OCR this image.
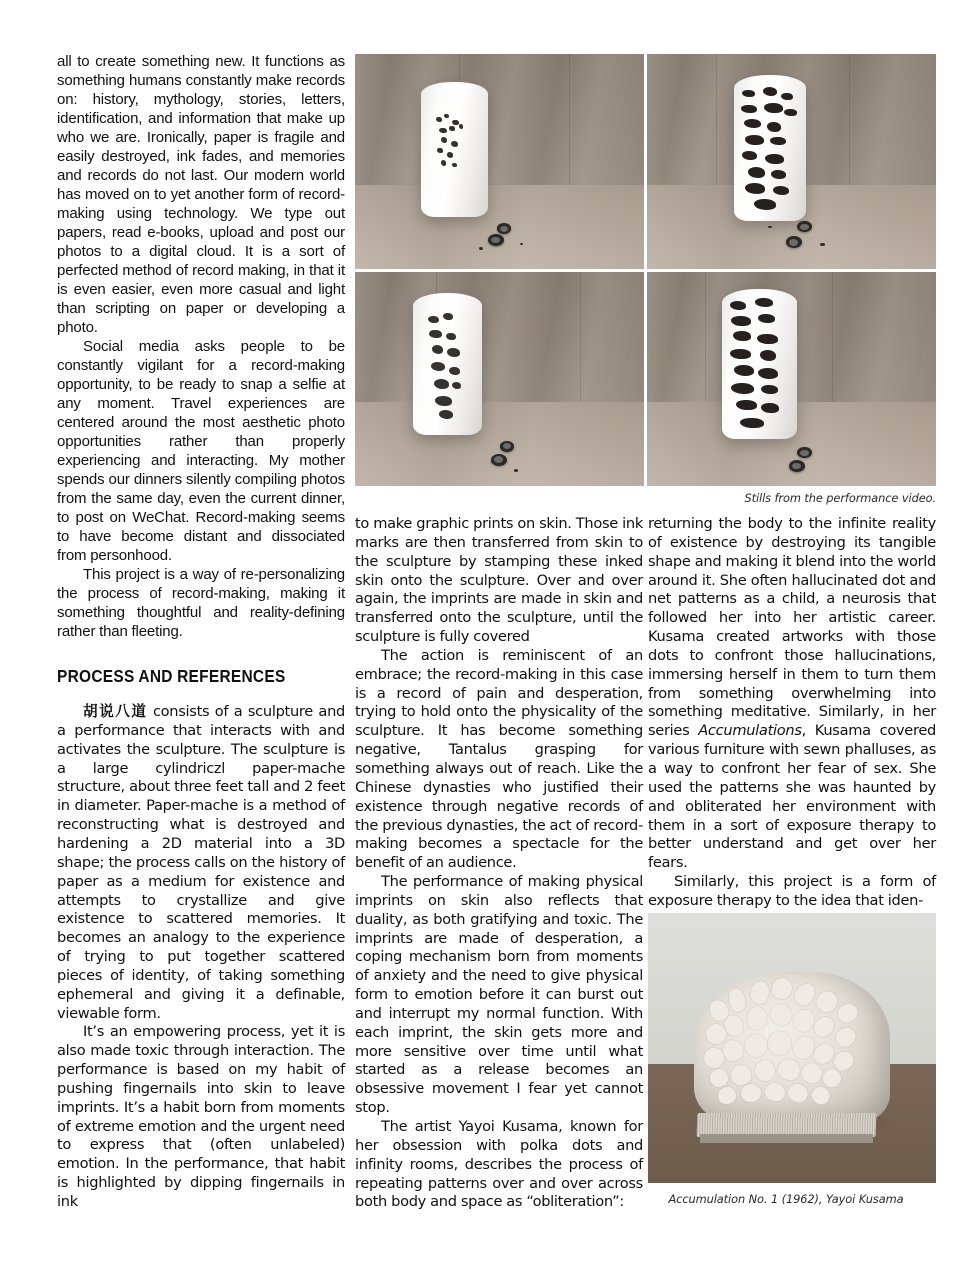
Stills from the performance video.

all to create something new. It functions as something humans constantly make records on: history, mythology, stories, letters, identification, and information that make up who we are. Ironically, paper is fragile and easily destroyed, ink fades, and memories and records do not last. Our modern world has moved on to yet another form of record-making using technology. We type out papers, read e-books, upload and post our photos to a digital cloud. It is a sort of perfected method of record making, in that it is even easier, even more casual and light than scripting on paper or developing a photo.

Social media asks people to be constantly vigilant for a record-making opportunity, to be ready to snap a selfie at any moment. Travel experiences are centered around the most aesthetic photo opportunities rather than properly experiencing and interacting. My mother spends our dinners silently compiling photos from the same day, even the current dinner, to post on WeChat. Record-making seems to have become distant and dissociated from personhood.

This project is a way of re-personalizing the process of record-making, making it something thoughtful and reality-defining rather than fleeting.

PROCESS AND REFERENCES

胡说八道 consists of a sculpture and a performance that interacts with and activates the sculpture. The sculpture is a large cylindriczl paper-mache structure, about three feet tall and 2 feet in diameter. Paper-mache is a method of reconstructing what is destroyed and hardening a 2D material into a 3D shape; the process calls on the history of paper as a medium for existence and attempts to crystallize and give existence to scattered memories. It becomes an analogy to the experience of trying to put together scattered pieces of identity, of taking something ephemeral and giving it a definable, viewable form.

It’s an empowering process, yet it is also made toxic through interaction. The performance is based on my habit of pushing fingernails into skin to leave imprints. It’s a habit born from moments of extreme emotion and the urgent need to express that (often unlabeled) emotion. In the performance, that habit is highlighted by dipping fingernails in ink

to make graphic prints on skin. Those ink marks are then transferred from skin to the sculpture by stamping these inked skin onto the sculpture. Over and over again, the imprints are made in skin and transferred onto the sculpture, until the sculpture is fully covered

The action is reminiscent of an embrace; the record-making in this case is a record of pain and desperation, trying to hold onto the physicality of the sculpture. It has become something negative, Tantalus grasping for something always out of reach. Like the Chinese dynasties who justified their existence through negative records of the previous dynasties, the act of record-making becomes a spectacle for the benefit of an audience.

The performance of making physical imprints on skin also reflects that duality, as both gratifying and toxic. The imprints are made of desperation, a coping mechanism born from moments of anxiety and the need to give physical form to emotion before it can burst out and interrupt my normal function. With each imprint, the skin gets more and more sensitive over time until what started as a release becomes an obsessive movement I fear yet cannot stop.

The artist Yayoi Kusama, known for her obsession with polka dots and infinity rooms, describes the process of repeating patterns over and over across both body and space as “obliteration”:

returning the body to the infinite reality of existence by destroying its tangible shape and making it blend into the world around it. She often hallucinated dot and net patterns as a child, a neurosis that followed her into her artistic career. Kusama created artworks with those dots to confront those hallucinations, immersing herself in them to turn them from something overwhelming into something meditative. Similarly, in her series Accumulations, Kusama covered various furniture with sewn phalluses, as a way to confront her fear of sex. She used the patterns she was haunted by and obliterated her environment with them in a sort of exposure therapy to better understand and get over her fears.

Similarly, this project is a form of exposure therapy to the idea that iden-

Accumulation No. 1 (1962), Yayoi Kusama
